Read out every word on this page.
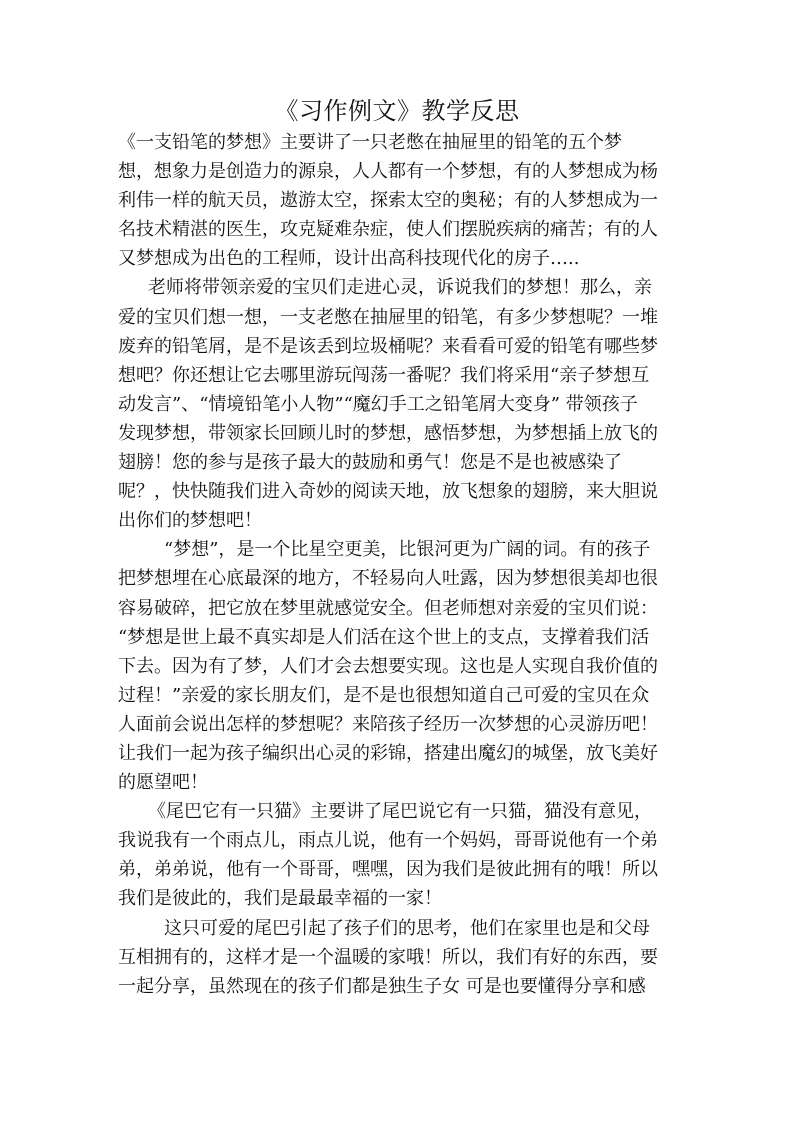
《习作例文》教学反思
《一支铅笔的梦想》主要讲了一只老憋在抽屉里的铅笔的五个梦
想，想象力是创造力的源泉，人人都有一个梦想，有的人梦想成为杨
利伟一样的航天员，遨游太空，探索太空的奥秘；有的人梦想成为一
名技术精湛的医生，攻克疑难杂症，使人们摆脱疾病的痛苦；有的人
又梦想成为出色的工程师，设计出高科技现代化的房子…..
老师将带领亲爱的宝贝们走进心灵，诉说我们的梦想！那么，亲
爱的宝贝们想一想，一支老憋在抽屉里的铅笔，有多少梦想呢？一堆
废弃的铅笔屑，是不是该丢到垃圾桶呢？来看看可爱的铅笔有哪些梦
想吧？你还想让它去哪里游玩闯荡一番呢？我们将采用“亲子梦想互
动发言”、“情境铅笔小人物”“魔幻手工之铅笔屑大变身” 带领孩子
发现梦想，带领家长回顾儿时的梦想，感悟梦想，为梦想插上放飞的
翅膀！您的参与是孩子最大的鼓励和勇气！您是不是也被感染了
呢？，快快随我们进入奇妙的阅读天地，放飞想象的翅膀，来大胆说
出你们的梦想吧！
“梦想”，是一个比星空更美，比银河更为广阔的词。有的孩子
把梦想埋在心底最深的地方，不轻易向人吐露，因为梦想很美却也很
容易破碎，把它放在梦里就感觉安全。但老师想对亲爱的宝贝们说：
“梦想是世上最不真实却是人们活在这个世上的支点，支撑着我们活
下去。因为有了梦，人们才会去想要实现。这也是人实现自我价值的
过程！”亲爱的家长朋友们，是不是也很想知道自己可爱的宝贝在众
人面前会说出怎样的梦想呢？来陪孩子经历一次梦想的心灵游历吧！
让我们一起为孩子编织出心灵的彩锦，搭建出魔幻的城堡，放飞美好
的愿望吧！
《尾巴它有一只猫》主要讲了尾巴说它有一只猫，猫没有意见，
我说我有一个雨点儿，雨点儿说，他有一个妈妈，哥哥说他有一个弟
弟，弟弟说，他有一个哥哥，嘿嘿，因为我们是彼此拥有的哦！所以
我们是彼此的，我们是最最幸福的一家！
这只可爱的尾巴引起了孩子们的思考，他们在家里也是和父母
互相拥有的，这样才是一个温暖的家哦！所以，我们有好的东西，要
一起分享，虽然现在的孩子们都是独生子女 可是也要懂得分享和感
